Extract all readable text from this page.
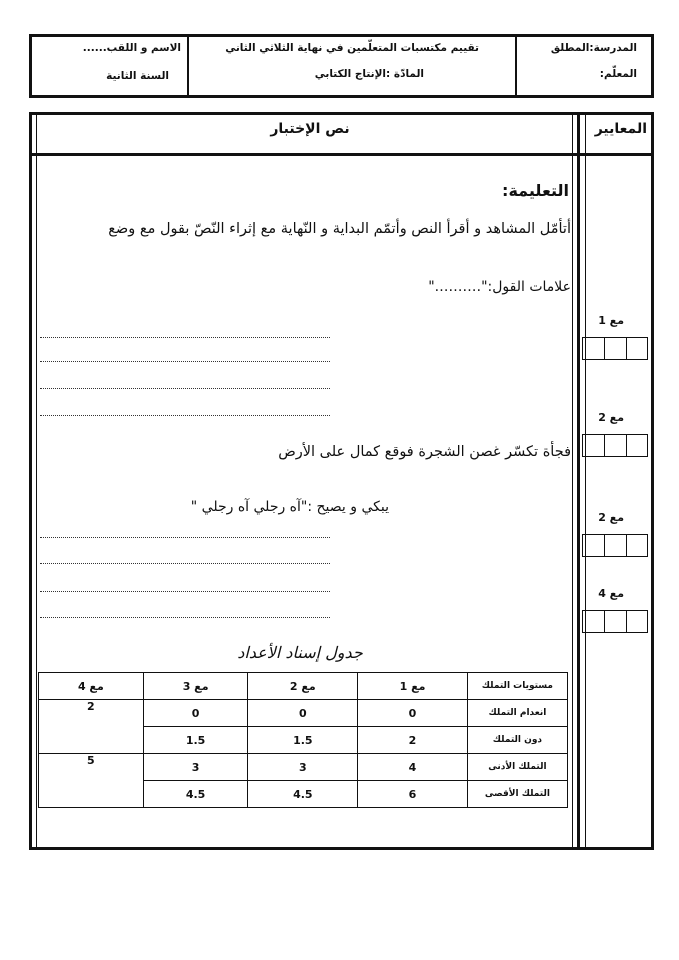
المدرسة:المطلق
المعلّم:
تقييم مكتسبات المتعلّمين في نهاية الثلاثي الثاني
المادّة :الإنتاج الكتابي
الاسم و اللقب......
السنة الثانية
المعايير
نص الإختبار
التعليمة:
أتأمّل المشاهد و أقرأ النص وأتمّم البداية و النّهاية مع إثراء النّصّ بقول مع وضع
علامات القول:"………."
فجأة تكسّر غصن الشجرة فوقع كمال على الأرض
يبكي و يصيح :"آه رجلي آه رجلي "
مع 1
مع 2
مع 2
مع 4
جدول إسناد الأعداد
مع 4	مع 3	مع 2	مع 1	مستويات التملك
2	0	0	0	انعدام التملك
	1.5	1.5	2	دون التملك
5	3	3	4	التملك الأدنى
	4.5	4.5	6	التملك الأقصى
